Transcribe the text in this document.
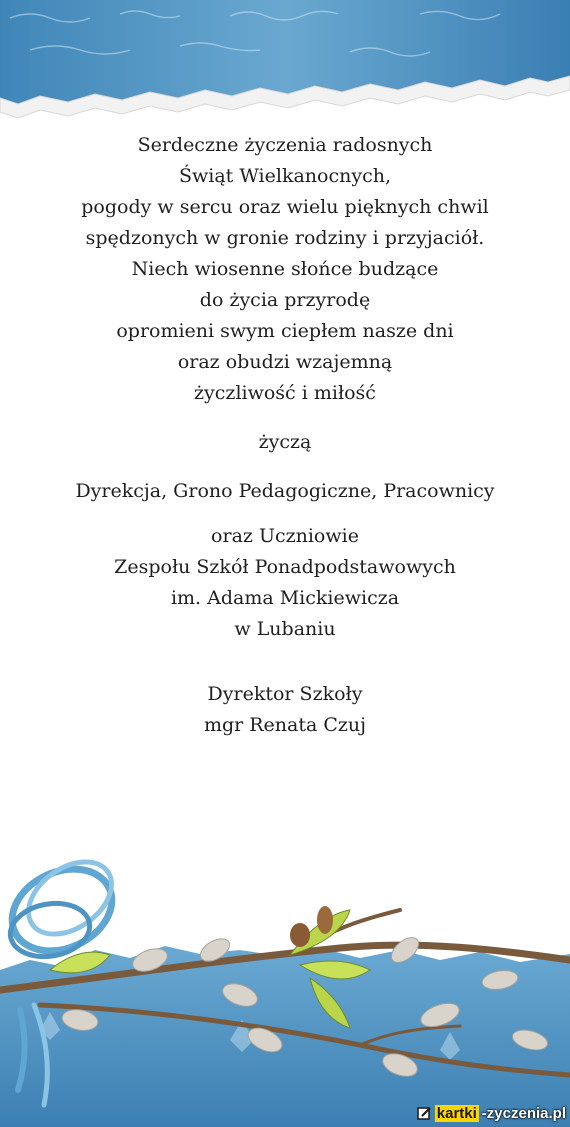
Serdeczne życzenia radosnych
Świąt Wielkanocnych,
pogody w sercu oraz wielu pięknych chwil
spędzonych w gronie rodziny i przyjaciół.
Niech wiosenne słońce budzące
do życia przyrodę
opromieni swym ciepłem nasze dni
oraz obudzi wzajemną
życzliwość i miłość
życzą
Dyrekcja, Grono Pedagogiczne, Pracownicy
oraz Uczniowie
Zespołu Szkół Ponadpodstawowych
im. Adama Mickiewicza
w Lubaniu
Dyrektor Szkoły
mgr Renata Czuj
kartki -zyczenia.pl
